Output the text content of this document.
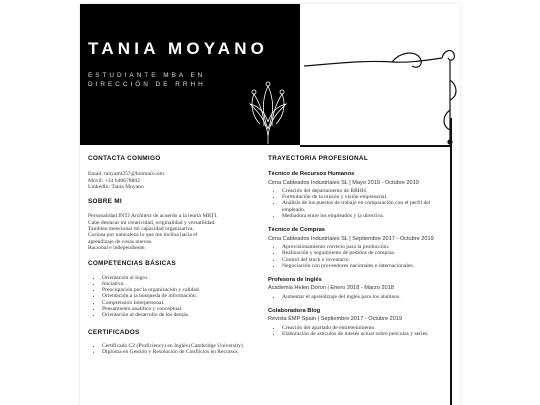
TANIA MOYANO
ESTUDIANTE MBA EN
DIRECCIÓN DE RRHH
CONTACTA CONMIGO
Email: tanyaml257@hotmail.com
Móvil: +34 640678802
LinkedIn: Tania Moyano
SOBRE MI
Personalidad INTJ Architect de acuerdo a la teoría MBTI.
Cabe destacar mi creatividad, originalidad y versatilidad.
También mencionar mi capacidad organizativa.
Curiosa por naturaleza lo que me inclina hacia el
aprendizaje de cosas nuevas.
Racional e independiente.
COMPETENCIAS BÁSICAS
• Orientación al logro.
• Iniciativa.
• Preocupación por la organización y calidad.
• Orientación a la búsqueda de información.
• Comprensión Interpersonal.
• Pensamiento analítico y conceptual.
• Orientación al desarrollo de los demás.
CERTIFICADOS
• Certificado C2 (Proficiency) en Inglés (Cambridge University).
• Diploma en Gestión y Resolución de Conflictos en Recursos
TRAYECTORIA PROFESIONAL
Técnico de Recursos Humanos
Cima Cableados Industriales SL | Mayo 2019 - Octubre 2019
• Creación del departamento de RRHH.
• Formulación de la misión y visión empresarial.
• Análisis de los puestos de trabajo en comparación con el perfil del empleado.
• Mediadora entre los empleados y la directiva.
Técnico de Compras
Cima Cableados Industriales SL | Septiembre 2017 - Octubre 2019
• Aprovisionamiento correcto para la producción.
• Realización y seguimiento de pedidos de compras.
• Control del stock e inventario.
• Negociación con proveedores nacionales e internacionales.
Profesora de Inglés
Academia Helen Doron | Enero 2018 - Marzo 2018
• Aumentar el aprendizaje del inglés para los alumnos.
Colaboradora Blog
Revista EMP Spain | Septiembre 2017 - Octubre 2019
• Creación del apartado de entretenimiento.
• Elaboración de artículos de interés actual sobre películas y series.
